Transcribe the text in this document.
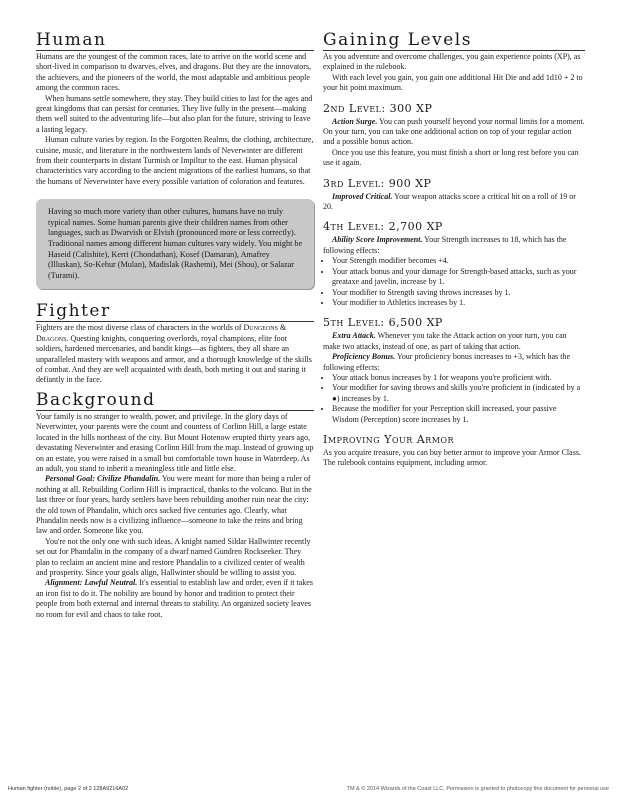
Human

Humans are the youngest of the common races, late to arrive on the world scene and short-lived in comparison to dwarves, elves, and dragons. But they are the innovators, the achievers, and the pioneers of the world, the most adaptable and ambitious people among the common races.

When humans settle somewhere, they stay. They build cities to last for the ages and great kingdoms that can persist for centuries. They live fully in the present—making them well suited to the adventuring life—but also plan for the future, striving to leave a lasting legacy.

Human culture varies by region. In the Forgotten Realms, the clothing, architecture, cuisine, music, and literature in the northwestern lands of Neverwinter are different from their counterparts in distant Turmish or Impiltur to the east. Human physical characteristics vary according to the ancient migrations of the earliest humans, so that the humans of Neverwinter have every possible variation of coloration and features.

Having so much more variety than other cultures, humans have no truly typical names. Some human parents give their children names from other languages, such as Dwarvish or Elvish (pronounced more or less correctly). Traditional names among different human cultures vary widely. You might be Haseid (Calishite), Kerri (Chondathan), Kosef (Damaran), Amafrey (Illuskan), So-Kehur (Mulan), Madislak (Rashemi), Mei (Shou), or Salazar (Turami).

Fighter

Fighters are the most diverse class of characters in the worlds of Dungeons & Dragons. Questing knights, conquering overlords, royal champions, elite foot soldiers, hardened mercenaries, and bandit kings—as fighters, they all share an unparalleled mastery with weapons and armor, and a thorough knowledge of the skills of combat. And they are well acquainted with death, both meting it out and staring it defiantly in the face.

Background

Your family is no stranger to wealth, power, and privilege. In the glory days of Neverwinter, your parents were the count and countess of Corlinn Hill, a large estate located in the hills northeast of the city. But Mount Hotenow erupted thirty years ago, devastating Neverwinter and erasing Corlinn Hill from the map. Instead of growing up on an estate, you were raised in a small but comfortable town house in Waterdeep. As an adult, you stand to inherit a meaningless title and little else.

Personal Goal: Civilize Phandalin. You were meant for more than being a ruler of nothing at all. Rebuilding Corlinn Hill is impractical, thanks to the volcano. But in the last three or four years, hardy settlers have been rebuilding another ruin near the city: the old town of Phandalin, which orcs sacked five centuries ago. Clearly, what Phandalin needs now is a civilizing influence—someone to take the reins and bring law and order. Someone like you.

You're not the only one with such ideas. A knight named Sildar Hallwinter recently set out for Phandalin in the company of a dwarf named Gundren Rockseeker. They plan to reclaim an ancient mine and restore Phandalin to a civilized center of wealth and prosperity. Since your goals align, Hallwinter should be willing to assist you.

Alignment: Lawful Neutral. It's essential to establish law and order, even if it takes an iron fist to do it. The nobility are bound by honor and tradition to protect their people from both external and internal threats to stability. An organized society leaves no room for evil and chaos to take root.

Gaining Levels

As you adventure and overcome challenges, you gain experience points (XP), as explained in the rulebook.

With each level you gain, you gain one additional Hit Die and add 1d10 + 2 to your hit point maximum.

2nd Level: 300 XP

Action Surge. You can push yourself beyond your normal limits for a moment. On your turn, you can take one additional action on top of your regular action and a possible bonus action.

Once you use this feature, you must finish a short or long rest before you can use it again.

3rd Level: 900 XP

Improved Critical. Your weapon attacks score a critical hit on a roll of 19 or 20.

4th Level: 2,700 XP

Ability Score Improvement. Your Strength increases to 18, which has the following effects:

• Your Strength modifier becomes +4.
• Your attack bonus and your damage for Strength-based attacks, such as your greataxe and javelin, increase by 1.
• Your modifier to Strength saving throws increases by 1.
• Your modifier to Athletics increases by 1.
5th Level: 6,500 XP

Extra Attack. Whenever you take the Attack action on your turn, you can make two attacks, instead of one, as part of taking that action.

Proficiency Bonus. Your proficiency bonus increases to +3, which has the following effects:

• Your attack bonus increases by 1 for weapons you're proficient with.
• Your modifier for saving throws and skills you're proficient in (indicated by a ●) increases by 1.
• Because the modifier for your Perception skill increased, your passive Wisdom (Perception) score increases by 1.
Improving Your Armor

As you acquire treasure, you can buy better armor to improve your Armor Class. The rulebook contains equipment, including armor.

Human fighter (noble), page 2 of 2 128A9216A02	TM & © 2014 Wizards of the Coast LLC. Permission is granted to photocopy this document for personal use
